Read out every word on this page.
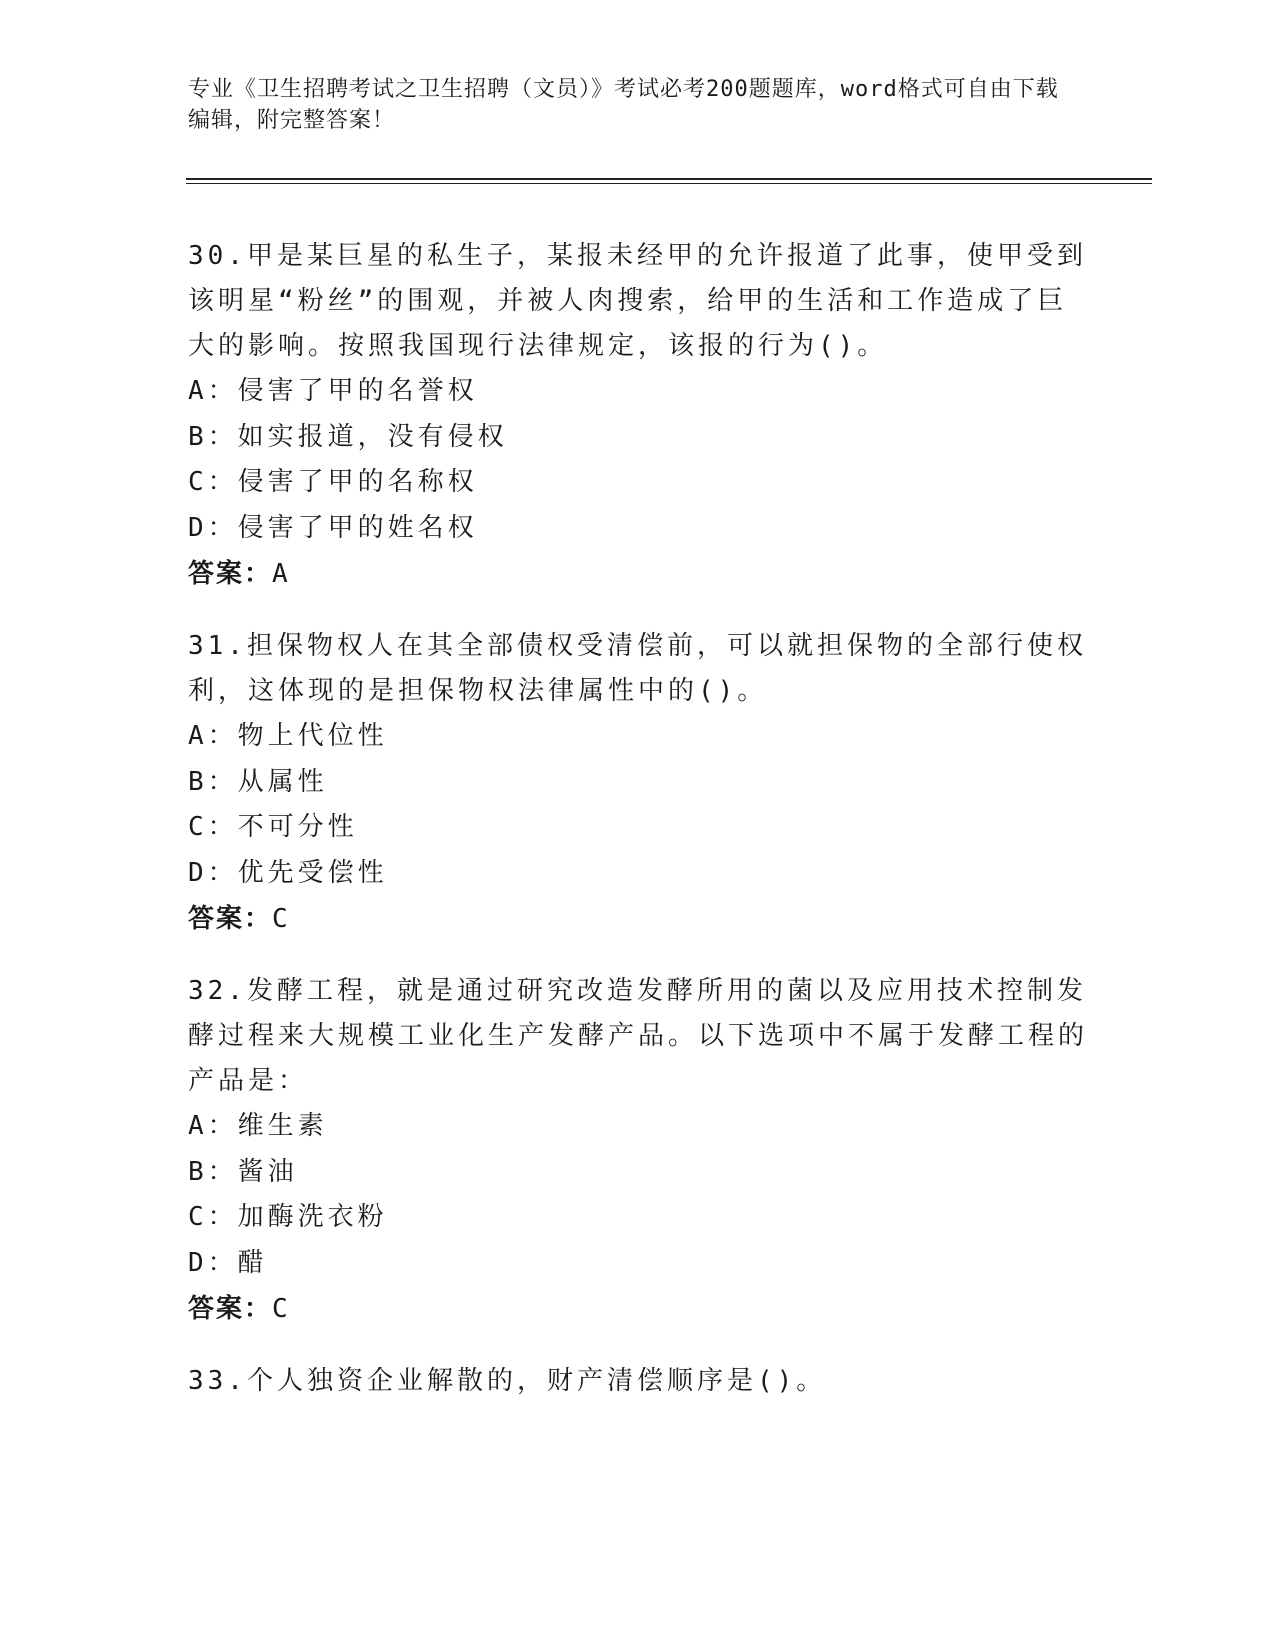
专业《卫生招聘考试之卫生招聘（文员）》考试必考200题题库，word格式可自由下载编辑，附完整答案！
30.甲是某巨星的私生子，某报未经甲的允许报道了此事，使甲受到该明星“粉丝”的围观，并被人肉搜索，给甲的生活和工作造成了巨大的影响。按照我国现行法律规定，该报的行为()。
A：侵害了甲的名誉权
B：如实报道，没有侵权
C：侵害了甲的名称权
D：侵害了甲的姓名权
答案：A
31.担保物权人在其全部债权受清偿前，可以就担保物的全部行使权利，这体现的是担保物权法律属性中的()。
A：物上代位性
B：从属性
C：不可分性
D：优先受偿性
答案：C
32.发酵工程，就是通过研究改造发酵所用的菌以及应用技术控制发酵过程来大规模工业化生产发酵产品。以下选项中不属于发酵工程的产品是：
A：维生素
B：酱油
C：加酶洗衣粉
D：醋
答案：C
33.个人独资企业解散的，财产清偿顺序是()。
